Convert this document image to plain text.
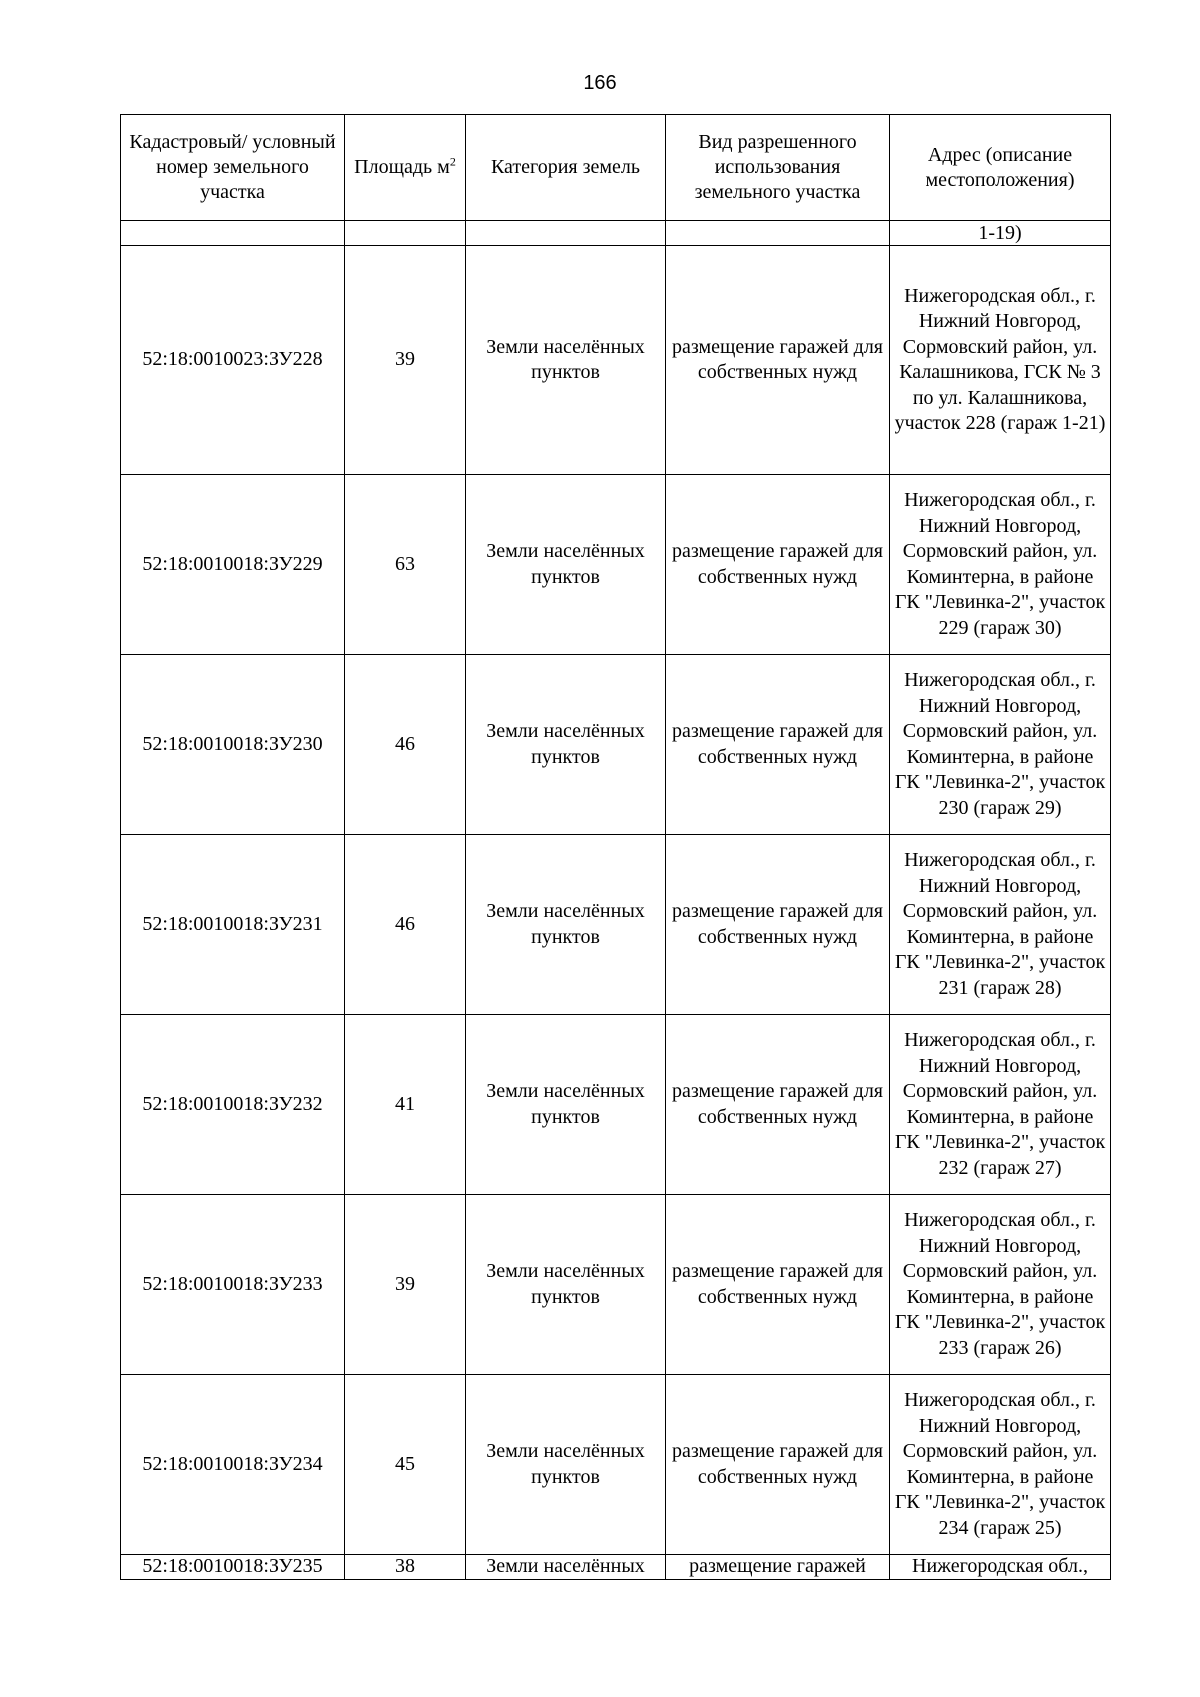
166
Кадастровый/ условный номер земельного участка	Площадь $м^2$	Категория земель	Вид разрешенного использования земельного участка	Адрес (описание местоположения)
				1-19)
52:18:0010023:ЗУ228	39	Земли населённых пунктов	размещение гаражей для собственных нужд	Нижегородская обл., г. Нижний Новгород, Сормовский район, ул. Калашникова, ГСК № 3 по ул. Калашникова, участок 228 (гараж 1-21)
52:18:0010018:ЗУ229	63	Земли населённых пунктов	размещение гаражей для собственных нужд	Нижегородская обл., г. Нижний Новгород, Сормовский район, ул. Коминтерна, в районе ГК "Левинка-2", участок 229 (гараж 30)
52:18:0010018:ЗУ230	46	Земли населённых пунктов	размещение гаражей для собственных нужд	Нижегородская обл., г. Нижний Новгород, Сормовский район, ул. Коминтерна, в районе ГК "Левинка-2", участок 230 (гараж 29)
52:18:0010018:ЗУ231	46	Земли населённых пунктов	размещение гаражей для собственных нужд	Нижегородская обл., г. Нижний Новгород, Сормовский район, ул. Коминтерна, в районе ГК "Левинка-2", участок 231 (гараж 28)
52:18:0010018:ЗУ232	41	Земли населённых пунктов	размещение гаражей для собственных нужд	Нижегородская обл., г. Нижний Новгород, Сормовский район, ул. Коминтерна, в районе ГК "Левинка-2", участок 232 (гараж 27)
52:18:0010018:ЗУ233	39	Земли населённых пунктов	размещение гаражей для собственных нужд	Нижегородская обл., г. Нижний Новгород, Сормовский район, ул. Коминтерна, в районе ГК "Левинка-2", участок 233 (гараж 26)
52:18:0010018:ЗУ234	45	Земли населённых пунктов	размещение гаражей для собственных нужд	Нижегородская обл., г. Нижний Новгород, Сормовский район, ул. Коминтерна, в районе ГК "Левинка-2", участок 234 (гараж 25)
52:18:0010018:ЗУ235	38	Земли населённых	размещение гаражей	Нижегородская обл.,
